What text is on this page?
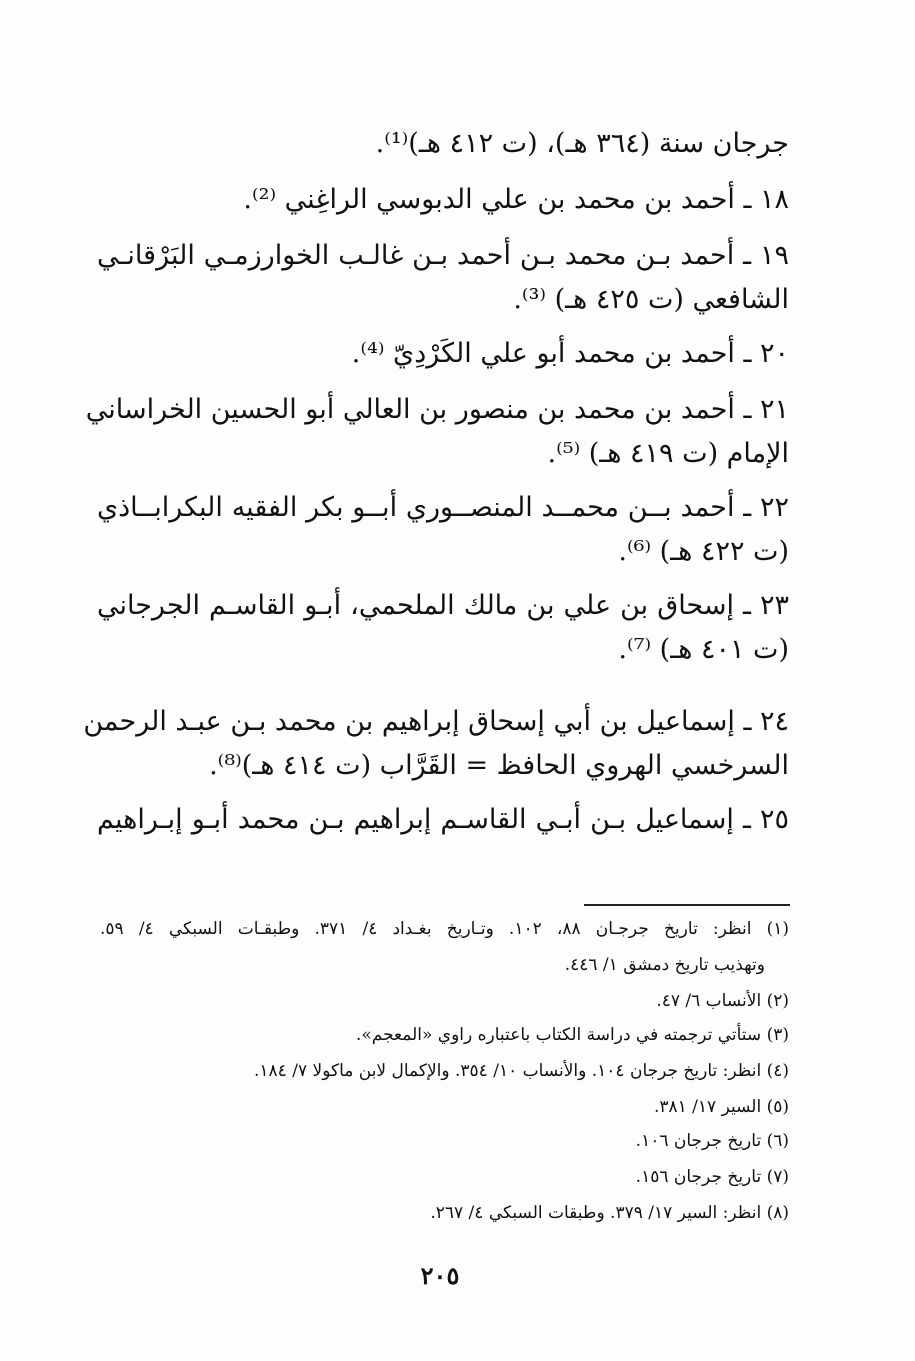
جرجان سنة (٣٦٤ هـ)، (ت ٤١٢ هـ)⁽¹⁾.
١٨ ـ أحمد بن محمد بن علي الدبوسي الراغِني ⁽²⁾.
١٩ ـ أحمد بـن محمد بـن أحمد بـن غالـب الخوارزمـي البَرْقانـي
الشافعي (ت ٤٢٥ هـ) ⁽³⁾.
٢٠ ـ أحمد بن محمد أبو علي الكَرْدِيّ ⁽⁴⁾.
٢١ ـ أحمد بن محمد بن منصور بن العالي أبو الحسين الخراساني
الإمام (ت ٤١٩ هـ) ⁽⁵⁾.
٢٢ ـ أحمد بــن محمــد المنصــوري أبــو بكر الفقيه البكرابــاذي
(ت ٤٢٢ هـ) ⁽⁶⁾.
٢٣ ـ إسحاق بن علي بن مالك الملحمي، أبـو القاسـم الجرجاني
(ت ٤٠١ هـ) ⁽⁷⁾.
٢٤ ـ إسماعيل بن أبي إسحاق إبراهيم بن محمد بـن عبـد الرحمن
السرخسي الهروي الحافظ = القَرَّاب (ت ٤١٤ هـ)⁽⁸⁾.
٢٥ ـ إسماعيل بـن أبـي القاسـم إبراهيم بـن محمد أبـو إبـراهيم
(١) انظر: تاريخ جرجـان ٨٨، ١٠٢. وتـاريخ بغـداد ٤/ ٣٧١. وطبقـات السبكي ٤/ ٥٩.
وتهذيب تاريخ دمشق ١/ ٤٤٦.
(٢) الأنساب ٦/ ٤٧.
(٣) ستأتي ترجمته في دراسة الكتاب باعتباره راوي «المعجم».
(٤) انظر: تاريخ جرجان ١٠٤. والأنساب ١٠/ ٣٥٤. والإكمال لابن ماكولا ٧/ ١٨٤.
(٥) السير ١٧/ ٣٨١.
(٦) تاريخ جرجان ١٠٦.
(٧) تاريخ جرجان ١٥٦.
(٨) انظر: السير ١٧/ ٣٧٩. وطبقات السبكي ٤/ ٢٦٧.
٢٠٥
